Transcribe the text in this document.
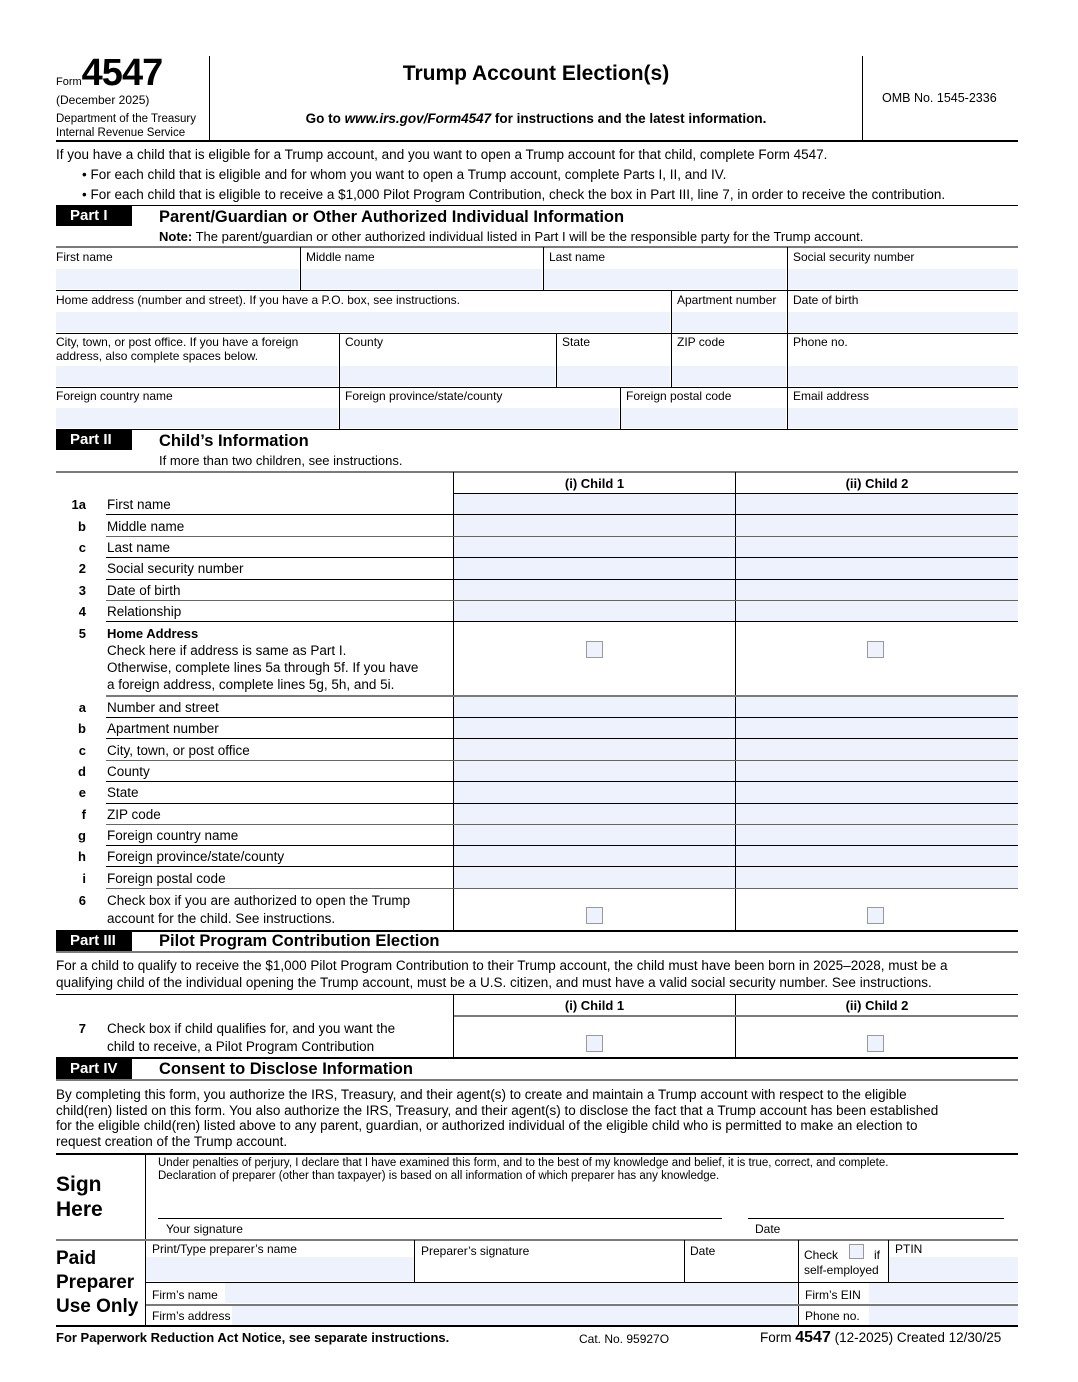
Form4547
(December 2025)
Department of the Treasury
Internal Revenue Service
Trump Account Election(s)
Go to www.irs.gov/Form4547 for instructions and the latest information.
OMB No. 1545-2336
If you have a child that is eligible for a Trump account, and you want to open a Trump account for that child, complete Form 4547.
• For each child that is eligible and for whom you want to open a Trump account, complete Parts I, II, and IV.
• For each child that is eligible to receive a $1,000 Pilot Program Contribution, check the box in Part III, line 7, in order to receive the contribution.
Part I	Parent/Guardian or Other Authorized Individual Information
Note: The parent/guardian or other authorized individual listed in Part I will be the responsible party for the Trump account.
First name	Middle name	Last name	Social security number
Home address (number and street). If you have a P.O. box, see instructions.	Apartment number Date of birth
City, town, or post office. If you have a foreign
address, also complete spaces below.
County	State	ZIP code	Phone no.
Foreign country name	Foreign province/state/county	Foreign postal code	Email address
Part II	Child’s Information
If more than two children, see instructions.
(i) Child 1	(ii) Child 2
1a First name
b Middle name
c Last name
2 Social security number
3 Date of birth
4 Relationship
5 Home Address
Check here if address is same as Part I.
Otherwise, complete lines 5a through 5f. If you have
a foreign address, complete lines 5g, 5h, and 5i.
a Number and street
b Apartment number
c City, town, or post office
d County
e State
f ZIP code
g Foreign country name
h Foreign province/state/county
i Foreign postal code
6 Check box if you are authorized to open the Trump
account for the child. See instructions.
Part III	Pilot Program Contribution Election
For a child to qualify to receive the $1,000 Pilot Program Contribution to their Trump account, the child must have been born in 2025–2028, must be a
qualifying child of the individual opening the Trump account, must be a U.S. citizen, and must have a valid social security number. See instructions.
(i) Child 1	(ii) Child 2
7 Check box if child qualifies for, and you want the
child to receive, a Pilot Program Contribution
Part IV	Consent to Disclose Information
By completing this form, you authorize the IRS, Treasury, and their agent(s) to create and maintain a Trump account with respect to the eligible
child(ren) listed on this form. You also authorize the IRS, Treasury, and their agent(s) to disclose the fact that a Trump account has been established
for the eligible child(ren) listed above to any parent, guardian, or authorized individual of the eligible child who is permitted to make an election to
request creation of the Trump account.
Sign
Here
Under penalties of perjury, I declare that I have examined this form, and to the best of my knowledge and belief, it is true, correct, and complete.
Declaration of preparer (other than taxpayer) is based on all information of which preparer has any knowledge.
Your signature	Date
Paid
Preparer
Use Only
Print/Type preparer’s name	Preparer’s signature	Date	Check	if
self-employed
PTIN
Firm’s name	Firm’s EIN
Firm’s address	Phone no.
For Paperwork Reduction Act Notice, see separate instructions.	Cat. No. 95927O	Form 4547 (12-2025) Created 12/30/25
